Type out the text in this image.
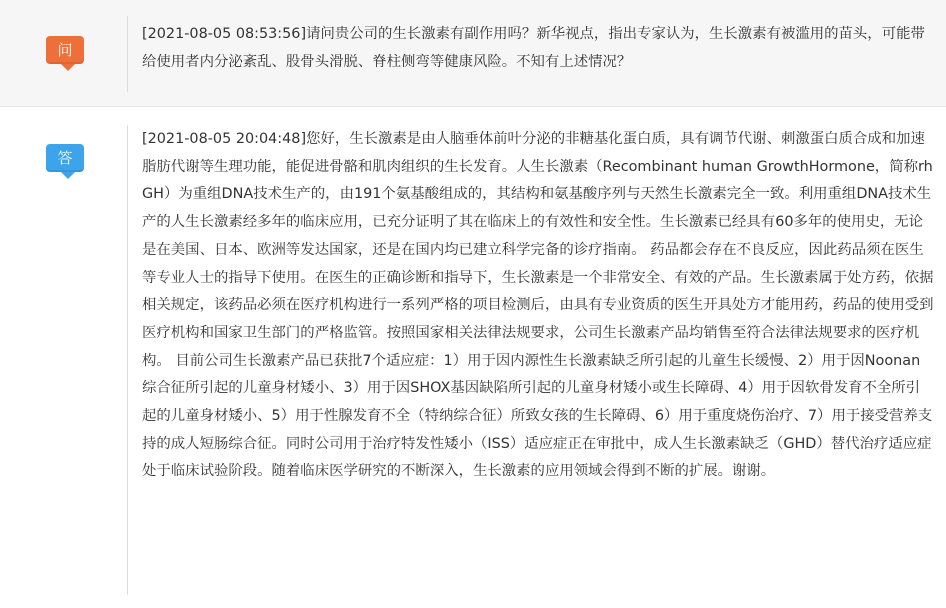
问

[2021-08-05 08:53:56]请问贵公司的生长激素有副作用吗？新华视点，指出专家认为，生长激素有被滥用的苗头，可能带给使用者内分泌紊乱、股骨头滑脱、脊柱侧弯等健康风险。不知有上述情况？

答

[2021-08-05 20:04:48]您好，生长激素是由人脑垂体前叶分泌的非糖基化蛋白质，具有调节代谢、刺激蛋白质合成和加速脂肪代谢等生理功能，能促进骨骼和肌肉组织的生长发育。人生长激素（Recombinant human GrowthHormone，简称rhGH）为重组DNA技术生产的，由191个氨基酸组成的，其结构和氨基酸序列与天然生长激素完全一致。利用重组DNA技术生产的人生长激素经多年的临床应用，已充分证明了其在临床上的有效性和安全性。生长激素已经具有60多年的使用史，无论是在美国、日本、欧洲等发达国家，还是在国内均已建立科学完备的诊疗指南。 药品都会存在不良反应，因此药品须在医生等专业人士的指导下使用。在医生的正确诊断和指导下，生长激素是一个非常安全、有效的产品。生长激素属于处方药，依据相关规定，该药品必须在医疗机构进行一系列严格的项目检测后，由具有专业资质的医生开具处方才能用药，药品的使用受到医疗机构和国家卫生部门的严格监管。按照国家相关法律法规要求，公司生长激素产品均销售至符合法律法规要求的医疗机构。 目前公司生长激素产品已获批7个适应症：1）用于因内源性生长激素缺乏所引起的儿童生长缓慢、2）用于因Noonan综合征所引起的儿童身材矮小、3）用于因SHOX基因缺陷所引起的儿童身材矮小或生长障碍、4）用于因软骨发育不全所引起的儿童身材矮小、5）用于性腺发育不全（特纳综合征）所致女孩的生长障碍、6）用于重度烧伤治疗、7）用于接受营养支持的成人短肠综合征。同时公司用于治疗特发性矮小（ISS）适应症正在审批中，成人生长激素缺乏（GHD）替代治疗适应症处于临床试验阶段。随着临床医学研究的不断深入，生长激素的应用领域会得到不断的扩展。谢谢。
